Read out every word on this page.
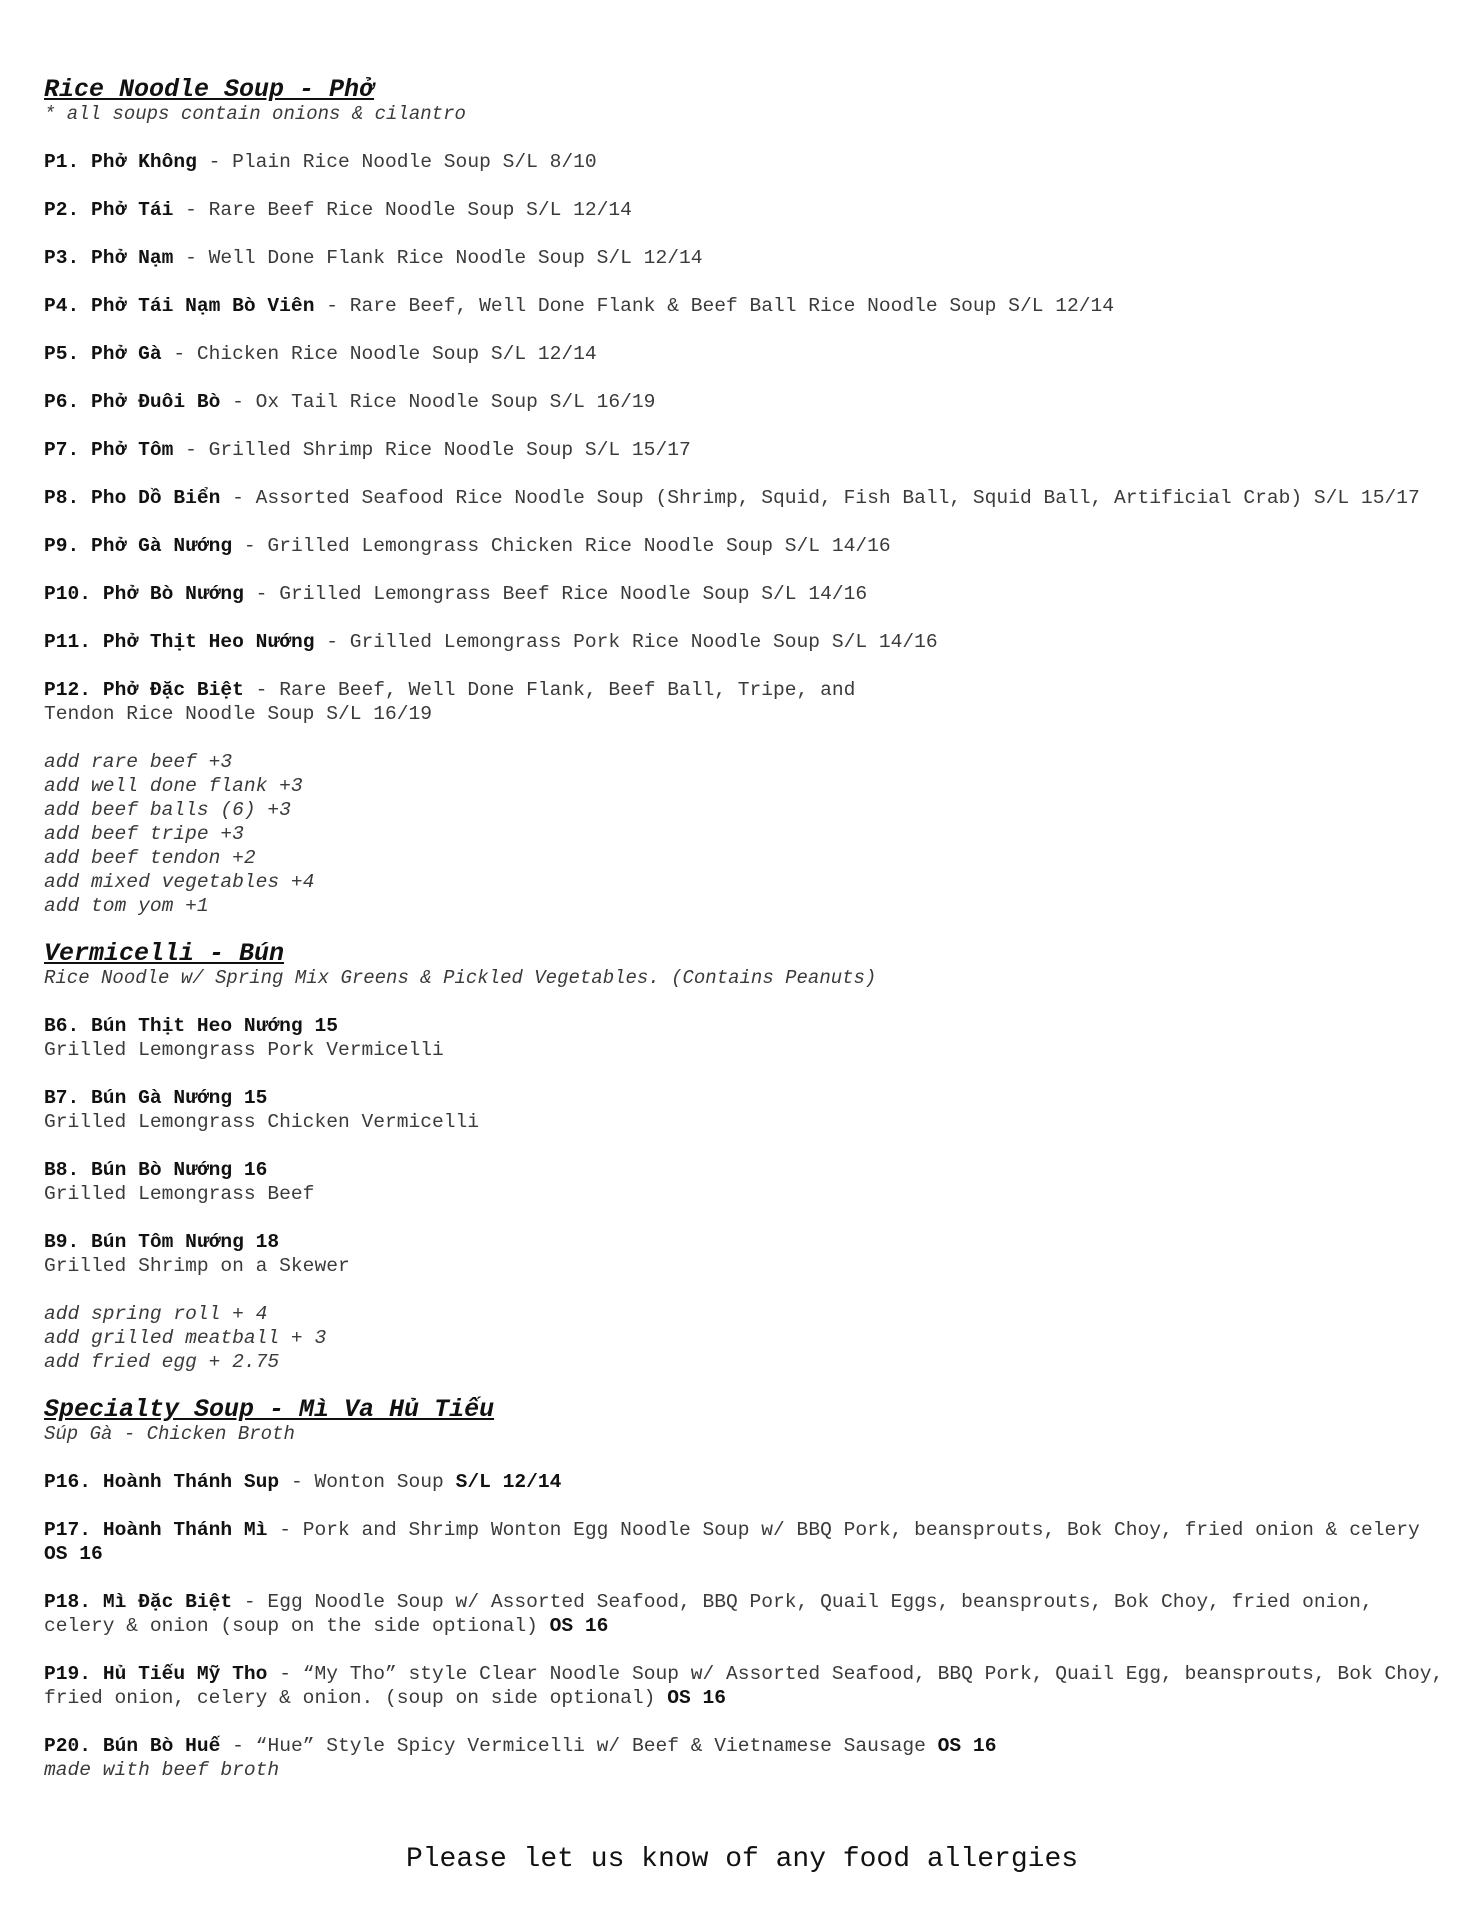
Rice Noodle Soup - Phở

* all soups contain onions & cilantro

P1. Phở Không - Plain Rice Noodle Soup S/L 8/10

P2. Phở Tái - Rare Beef Rice Noodle Soup S/L 12/14

P3. Phở Nạm - Well Done Flank Rice Noodle Soup S/L 12/14

P4. Phở Tái Nạm Bò Viên - Rare Beef, Well Done Flank & Beef Ball Rice Noodle Soup S/L 12/14

P5. Phở Gà - Chicken Rice Noodle Soup S/L 12/14

P6. Phở Đuôi Bò - Ox Tail Rice Noodle Soup S/L 16/19

P7. Phở Tôm - Grilled Shrimp Rice Noodle Soup S/L 15/17

P8. Pho Dồ Biển - Assorted Seafood Rice Noodle Soup (Shrimp, Squid, Fish Ball, Squid Ball, Artificial Crab) S/L 15/17

P9. Phở Gà Nướng - Grilled Lemongrass Chicken Rice Noodle Soup S/L 14/16

P10. Phở Bò Nướng - Grilled Lemongrass Beef Rice Noodle Soup S/L 14/16

P11. Phở Thịt Heo Nướng - Grilled Lemongrass Pork Rice Noodle Soup S/L 14/16

P12. Phở Đặc Biệt - Rare Beef, Well Done Flank, Beef Ball, Tripe, and
Tendon Rice Noodle Soup S/L 16/19

add rare beef +3
add well done flank +3
add beef balls (6) +3
add beef tripe +3
add beef tendon +2
add mixed vegetables +4
add tom yom +1
Vermicelli - Bún

Rice Noodle w/ Spring Mix Greens & Pickled Vegetables. (Contains Peanuts)

B6. Bún Thịt Heo Nướng 15
Grilled Lemongrass Pork Vermicelli

B7. Bún Gà Nướng 15
Grilled Lemongrass Chicken Vermicelli

B8. Bún Bò Nướng 16
Grilled Lemongrass Beef

B9. Bún Tôm Nướng 18
Grilled Shrimp on a Skewer

add spring roll + 4
add grilled meatball + 3
add fried egg + 2.75
Specialty Soup - Mì Va Hủ Tiếu

Súp Gà - Chicken Broth

P16. Hoành Thánh Sup - Wonton Soup S/L 12/14

P17. Hoành Thánh Mì - Pork and Shrimp Wonton Egg Noodle Soup w/ BBQ Pork, beansprouts, Bok Choy, fried onion & celery OS 16

P18. Mì Đặc Biệt - Egg Noodle Soup w/ Assorted Seafood, BBQ Pork, Quail Eggs, beansprouts, Bok Choy, fried onion, celery & onion (soup on the side optional) OS 16

P19. Hủ Tiếu Mỹ Tho - “My Tho” style Clear Noodle Soup w/ Assorted Seafood, BBQ Pork, Quail Egg, beansprouts, Bok Choy, fried onion, celery & onion. (soup on side optional) OS 16

P20. Bún Bò Huế - “Hue” Style Spicy Vermicelli w/ Beef & Vietnamese Sausage OS 16
made with beef broth

Please let us know of any food allergies
